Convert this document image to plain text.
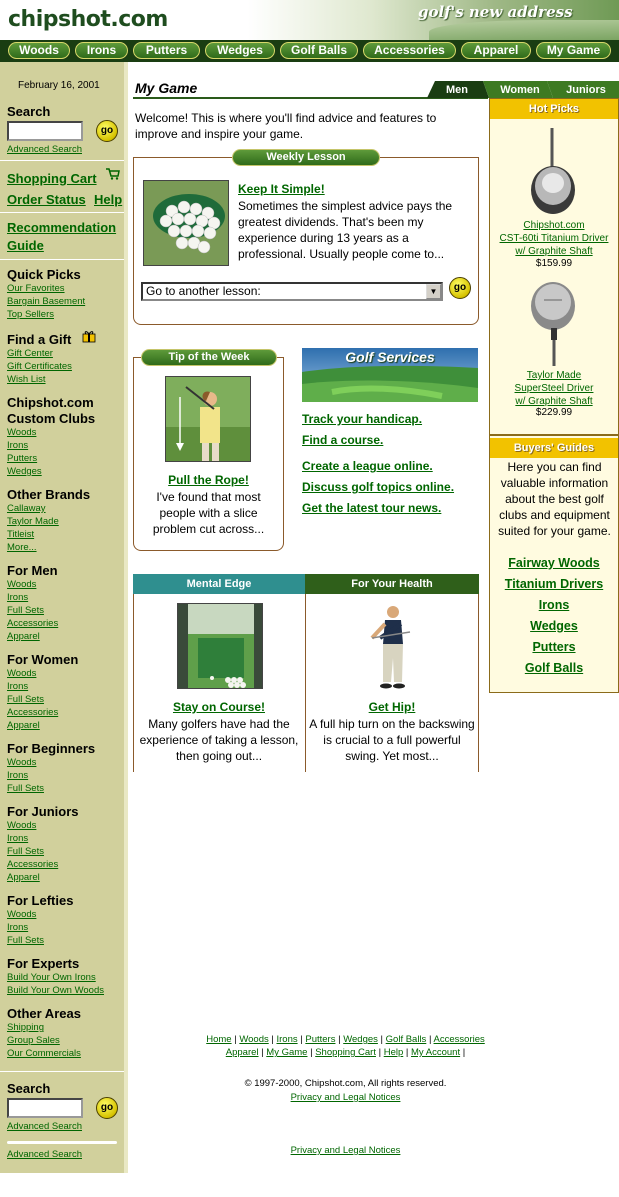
chipshot.com	golf's new address
Woods	Irons	Putters	Wedges	Golf Balls	Accessories	Apparel	My Game
February 16, 2001
Search
go
Advanced Search
Shopping Cart
Order Status Help
Recommendation
Guide
Quick Picks
Our Favorites
Bargain Basement
Top Sellers
Find a Gift
Gift Center
Gift Certificates
Wish List
Chipshot.com
Custom Clubs
Woods
Irons
Putters
Wedges
Other Brands
Callaway
Taylor Made
Titleist
More...
For Men
Woods
Irons
Full Sets
Accessories
Apparel
For Women
Woods
Irons
Full Sets
Accessories
Apparel
For Beginners
Woods
Irons
Full Sets
For Juniors
Woods
Irons
Full Sets
Accessories
Apparel
For Lefties
Woods
Irons
Full Sets
For Experts
Build Your Own Irons
Build Your Own Woods
Other Areas
Shipping
Group Sales
Our Commercials
Search
go
Advanced Search
Advanced Search
My Game	Men	Women	Juniors
Welcome! This is where you'll find advice and features to improve and inspire your game.
Weekly Lesson
Keep It Simple!
Sometimes the simplest advice pays the greatest dividends. That's been my experience during 13 years as a professional. Usually people come to...
Go to another lesson:	▼	go
Tip of the Week
Pull the Rope!
I've found that most people with a slice problem cut across...
Golf Services
Track your handicap.
Find a course.
Create a league online.
Discuss golf topics online.
Get the latest tour news.
Mental Edge	For Your Health
Stay on Course!
Many golfers have had the experience of taking a lesson, then going out...
Get Hip!
A full hip turn on the backswing is crucial to a full powerful swing. Yet most...
Hot Picks
Chipshot.com
CST-60ti Titanium Driver
w/ Graphite Shaft
$159.99
Taylor Made
SuperSteel Driver
w/ Graphite Shaft
$229.99
Buyers' Guides
Here you can find valuable information about the best golf clubs and equipment suited for your game.
Fairway Woods
Titanium Drivers
Irons
Wedges
Putters
Golf Balls
Home | Woods | Irons | Putters | Wedges | Golf Balls | Accessories
Apparel | My Game | Shopping Cart | Help | My Account |
© 1997-2000, Chipshot.com, All rights reserved.
Privacy and Legal Notices
Privacy and Legal Notices
